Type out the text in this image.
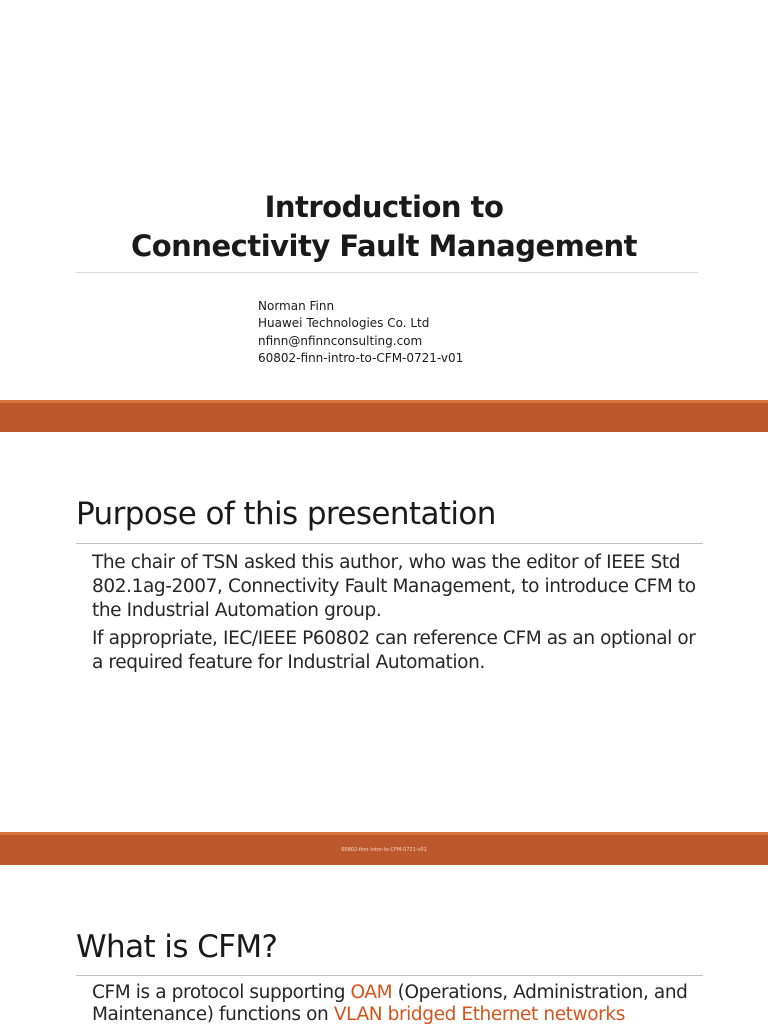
Introduction to
Connectivity Fault Management
Norman Finn
Huawei Technologies Co. Ltd
nfinn@nfinnconsulting.com
60802-finn-intro-to-CFM-0721-v01
Purpose of this presentation

The chair of TSN asked this author, who was the editor of IEEE Std 802.1ag-2007, Connectivity Fault Management, to introduce CFM to the Industrial Automation group.

If appropriate, IEC/IEEE P60802 can reference CFM as an optional or a required feature for Industrial Automation.

60802-finn-intro-to-CFM-0721-v01
What is CFM?
CFM is a protocol supporting OAM (Operations, Administration, and Maintenance) functions on VLAN bridged Ethernet networks
